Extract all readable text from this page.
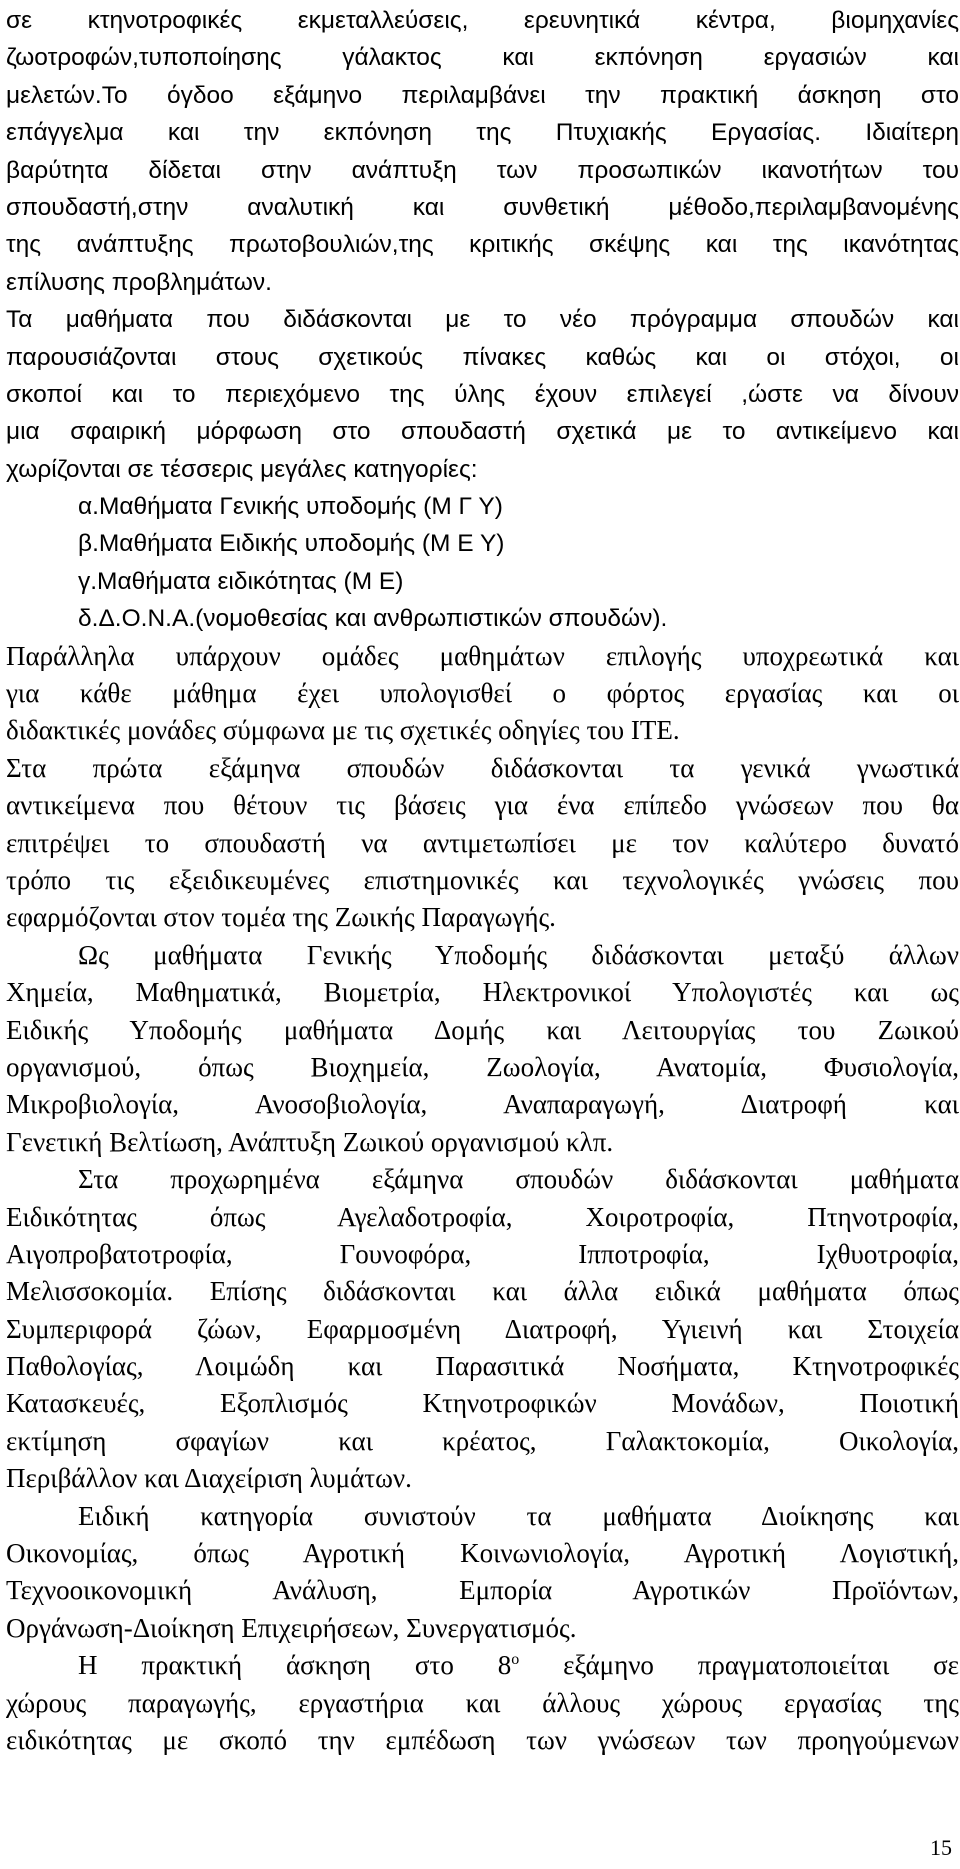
σε κτηνοτροφικές εκμεταλλεύσεις, ερευνητικά κέντρα, βιομηχανίες
ζωοτροφών,τυποποίησης γάλακτος και εκπόνηση εργασιών και
μελετών.Το όγδοο εξάμηνο περιλαμβάνει την πρακτική άσκηση στο
επάγγελμα και την εκπόνηση της Πτυχιακής Εργασίας. Ιδιαίτερη
βαρύτητα δίδεται στην ανάπτυξη των προσωπικών ικανοτήτων του
σπουδαστή,στην αναλυτική και συνθετική μέθοδο,περιλαμβανομένης
της ανάπτυξης πρωτοβουλιών,της κριτικής σκέψης και της ικανότητας
επίλυσης προβλημάτων.
Τα μαθήματα που διδάσκονται με το νέο πρόγραμμα σπουδών και
παρουσιάζονται στους σχετικούς πίνακες καθώς και οι στόχοι, οι
σκοποί και το περιεχόμενο της ύλης έχουν επιλεγεί ,ώστε να δίνουν
μια σφαιρική μόρφωση στο σπουδαστή σχετικά με το αντικείμενο και
χωρίζονται σε τέσσερις μεγάλες κατηγορίες:
α.Μαθήματα Γενικής υποδομής (Μ Γ Υ)
β.Μαθήματα Ειδικής υποδομής (Μ Ε Υ)
γ.Μαθήματα ειδικότητας (Μ Ε)
δ.Δ.Ο.Ν.Α.(νομοθεσίας και ανθρωπιστικών σπουδών).
Παράλληλα υπάρχουν ομάδες μαθημάτων επιλογής υποχρεωτικά και
για κάθε μάθημα έχει υπολογισθεί ο φόρτος εργασίας και οι
διδακτικές μονάδες σύμφωνα με τις σχετικές οδηγίες του ΙΤΕ.
Στα πρώτα εξάμηνα σπουδών διδάσκονται τα γενικά γνωστικά
αντικείμενα που θέτουν τις βάσεις για ένα επίπεδο γνώσεων που θα
επιτρέψει το σπουδαστή να αντιμετωπίσει με τον καλύτερο δυνατό
τρόπο τις εξειδικευμένες επιστημονικές και τεχνολογικές γνώσεις που
εφαρμόζονται στον τομέα της Ζωικής Παραγωγής.
Ως μαθήματα Γενικής Υποδομής διδάσκονται μεταξύ άλλων
Χημεία, Μαθηματικά, Βιομετρία, Ηλεκτρονικοί Υπολογιστές και ως
Ειδικής Υποδομής μαθήματα Δομής και Λειτουργίας του Ζωικού
οργανισμού, όπως Βιοχημεία, Ζωολογία, Ανατομία, Φυσιολογία,
Μικροβιολογία, Ανοσοβιολογία, Αναπαραγωγή, Διατροφή και
Γενετική Βελτίωση, Ανάπτυξη Ζωικού οργανισμού κλπ.
Στα προχωρημένα εξάμηνα σπουδών διδάσκονται μαθήματα
Ειδικότητας όπως Αγελαδοτροφία, Χοιροτροφία, Πτηνοτροφία,
Αιγοπροβατοτροφία, Γουνοφόρα, Ιπποτροφία, Ιχθυοτροφία,
Μελισσοκομία. Επίσης διδάσκονται και άλλα ειδικά μαθήματα όπως
Συμπεριφορά ζώων, Εφαρμοσμένη Διατροφή, Υγιεινή και Στοιχεία
Παθολογίας, Λοιμώδη και Παρασιτικά Νοσήματα, Κτηνοτροφικές
Κατασκευές, Εξοπλισμός Κτηνοτροφικών Μονάδων, Ποιοτική
εκτίμηση σφαγίων και κρέατος, Γαλακτοκομία, Οικολογία,
Περιβάλλον και Διαχείριση λυμάτων.
Ειδική κατηγορία συνιστούν τα μαθήματα Διοίκησης και
Οικονομίας, όπως Αγροτική Κοινωνιολογία, Αγροτική Λογιστική,
Τεχνοοικονομική Ανάλυση, Εμπορία Αγροτικών Προϊόντων,
Οργάνωση-Διοίκηση Επιχειρήσεων, Συνεργατισμός.
Η πρακτική άσκηση στο $8^o$ εξάμηνο πραγματοποιείται σε
χώρους παραγωγής, εργαστήρια και άλλους χώρους εργασίας της
ειδικότητας με σκοπό την εμπέδωση των γνώσεων των προηγούμενων
15
